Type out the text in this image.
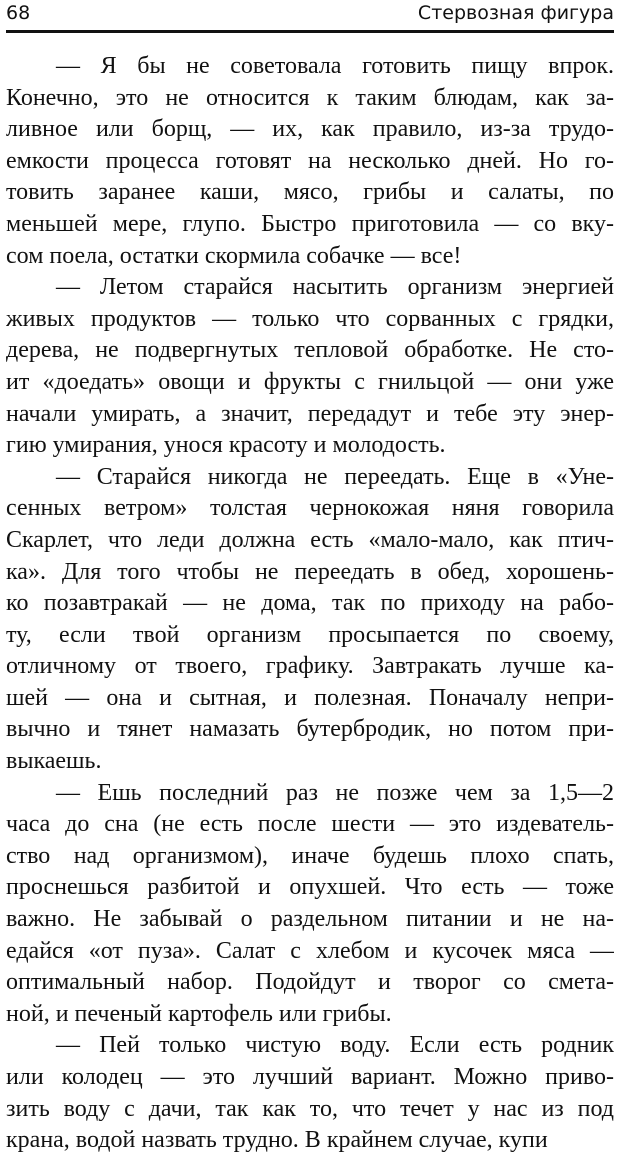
68	Стервозная фигура
— Я бы не советовала готовить пищу впрок.
Конечно, это не относится к таким блюдам, как за-
ливное или борщ, — их, как правило, из-за трудо-
емкости процесса готовят на несколько дней. Но го-
товить заранее каши, мясо, грибы и салаты, по
меньшей мере, глупо. Быстро приготовила — со вку-
сом поела, остатки скормила собачке — все!
— Летом старайся насытить организм энергией
живых продуктов — только что сорванных с грядки,
дерева, не подвергнутых тепловой обработке. Не сто-
ит «доедать» овощи и фрукты с гнильцой — они уже
начали умирать, а значит, передадут и тебе эту энер-
гию умирания, унося красоту и молодость.
— Старайся никогда не переедать. Еще в «Уне-
сенных ветром» толстая чернокожая няня говорила
Скарлет, что леди должна есть «мало-мало, как птич-
ка». Для того чтобы не переедать в обед, хорошень-
ко позавтракай — не дома, так по приходу на рабо-
ту, если твой организм просыпается по своему,
отличному от твоего, графику. Завтракать лучше ка-
шей — она и сытная, и полезная. Поначалу непри-
вычно и тянет намазать бутербродик, но потом при-
выкаешь.
— Ешь последний раз не позже чем за 1,5—2
часа до сна (не есть после шести — это издеватель-
ство над организмом), иначе будешь плохо спать,
проснешься разбитой и опухшей. Что есть — тоже
важно. Не забывай о раздельном питании и не на-
едайся «от пуза». Салат с хлебом и кусочек мяса —
оптимальный набор. Подойдут и творог со смета-
ной, и печеный картофель или грибы.
— Пей только чистую воду. Если есть родник
или колодец — это лучший вариант. Можно приво-
зить воду с дачи, так как то, что течет у нас из под
крана, водой назвать трудно. В крайнем случае, купи
